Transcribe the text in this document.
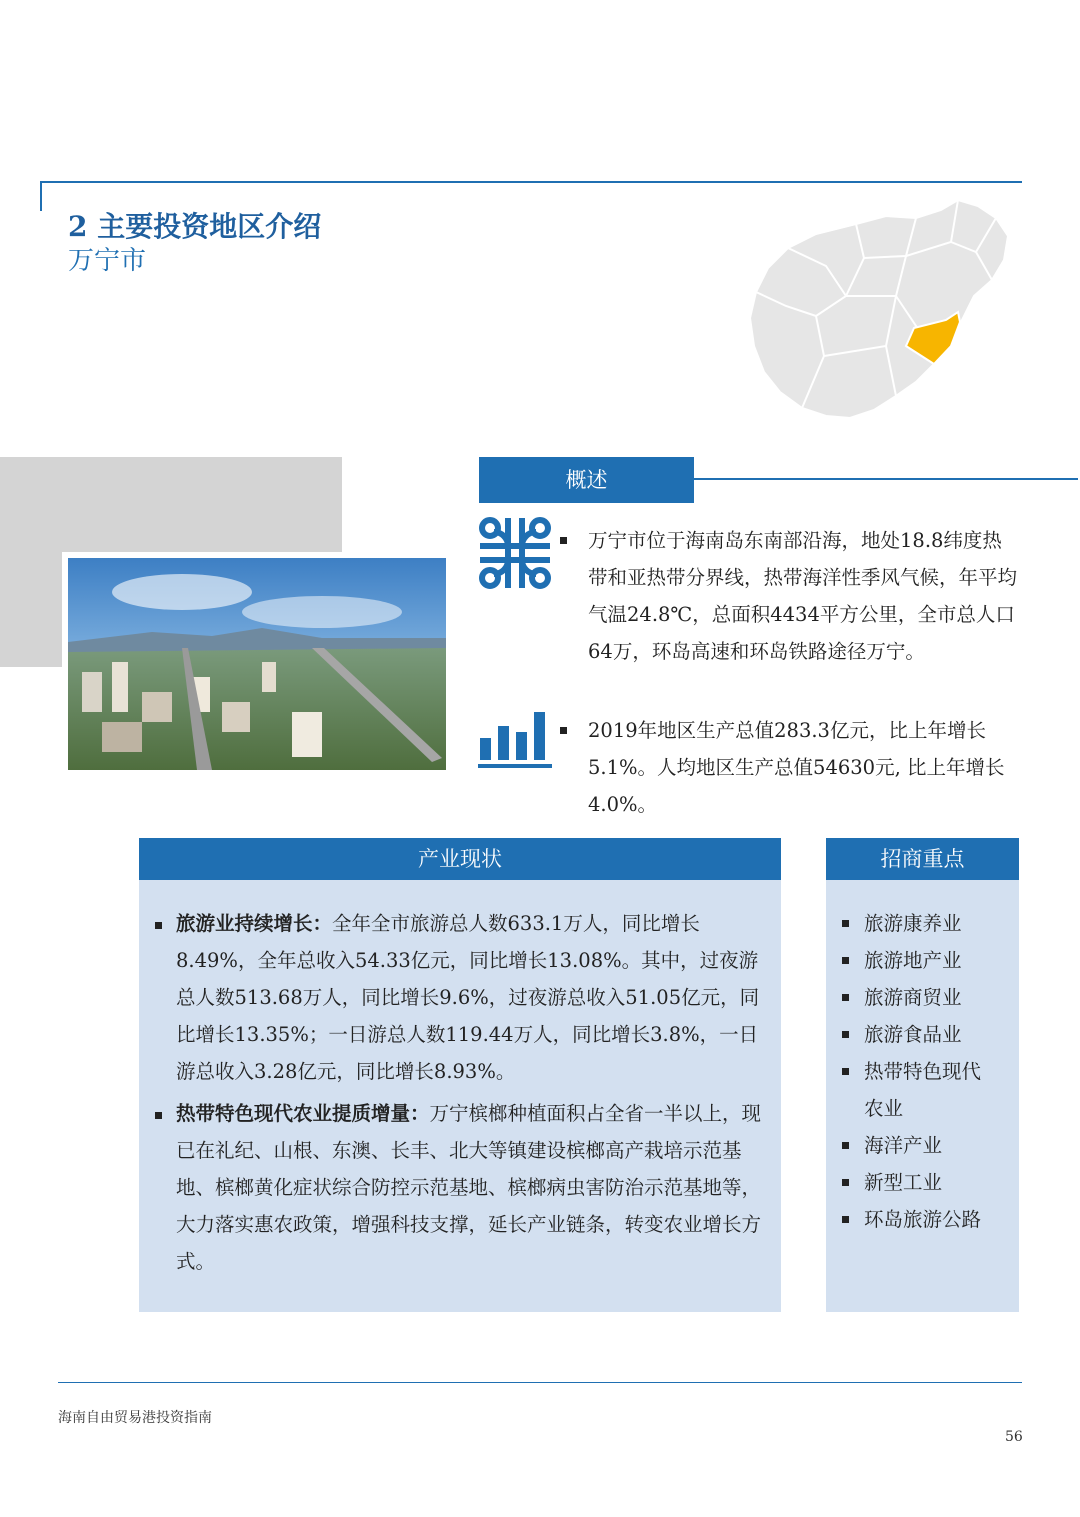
2 主要投资地区介绍
万宁市
概述
万宁市位于海南岛东南部沿海，地处18.8纬度热带和亚热带分界线，热带海洋性季风气候，年平均气温24.8℃，总面积4434平方公里，全市总人口64万，环岛高速和环岛铁路途径万宁。
2019年地区生产总值283.3亿元，比上年增长5.1%。人均地区生产总值54630元, 比上年增长4.0%。
产业现状
旅游业持续增长：全年全市旅游总人数633.1万人，同比增长8.49%，全年总收入54.33亿元，同比增长13.08%。其中，过夜游总人数513.68万人，同比增长9.6%，过夜游总收入51.05亿元，同比增长13.35%；一日游总人数119.44万人，同比增长3.8%，一日游总收入3.28亿元，同比增长8.93%。
热带特色现代农业提质增量：万宁槟榔种植面积占全省一半以上，现已在礼纪、山根、东澳、长丰、北大等镇建设槟榔高产栽培示范基地、槟榔黄化症状综合防控示范基地、槟榔病虫害防治示范基地等，大力落实惠农政策，增强科技支撑，延长产业链条，转变农业增长方式。
招商重点
旅游康养业
旅游地产业
旅游商贸业
旅游食品业
热带特色现代农业
海洋产业
新型工业
环岛旅游公路
海南自由贸易港投资指南
56
